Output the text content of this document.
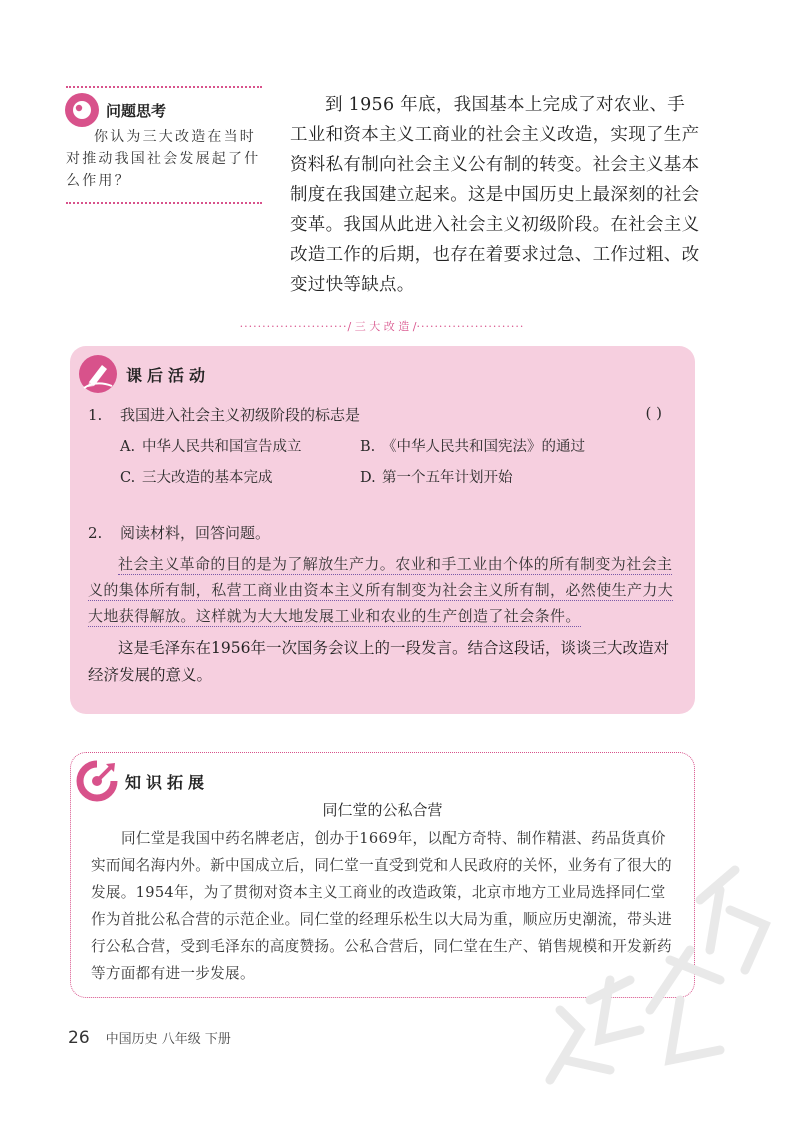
问题思考

你认为三大改造在当时对推动我国社会发展起了什么作用？

到 1956 年底，我国基本上完成了对农业、手工业和资本主义工商业的社会主义改造，实现了生产资料私有制向社会主义公有制的转变。社会主义基本制度在我国建立起来。这是中国历史上最深刻的社会变革。我国从此进入社会主义初级阶段。在社会主义改造工作的后期，也存在着要求过急、工作过粗、改变过快等缺点。

························/ 三 大 改 造 /························
课后活动
1. 我国进入社会主义初级阶段的标志是	( )
A. 中华人民共和国宣告成立	B. 《中华人民共和国宪法》的通过
C. 三大改造的基本完成	D. 第一个五年计划开始
2. 阅读材料，回答问题。

社会主义革命的目的是为了解放生产力。农业和手工业由个体的所有制变为社会主义的集体所有制，私营工商业由资本主义所有制变为社会主义所有制，必然使生产力大大地获得解放。这样就为大大地发展工业和农业的生产创造了社会条件。

这是毛泽东在1956年一次国务会议上的一段发言。结合这段话，谈谈三大改造对经济发展的意义。

知识拓展
同仁堂的公私合营

同仁堂是我国中药名牌老店，创办于1669年，以配方奇特、制作精湛、药品货真价实而闻名海内外。新中国成立后，同仁堂一直受到党和人民政府的关怀，业务有了很大的发展。1954年，为了贯彻对资本主义工商业的改造政策，北京市地方工业局选择同仁堂作为首批公私合营的示范企业。同仁堂的经理乐松生以大局为重，顺应历史潮流，带头进行公私合营，受到毛泽东的高度赞扬。公私合营后，同仁堂在生产、销售规模和开发新药等方面都有进一步发展。

26 中国历史 八年级 下册
